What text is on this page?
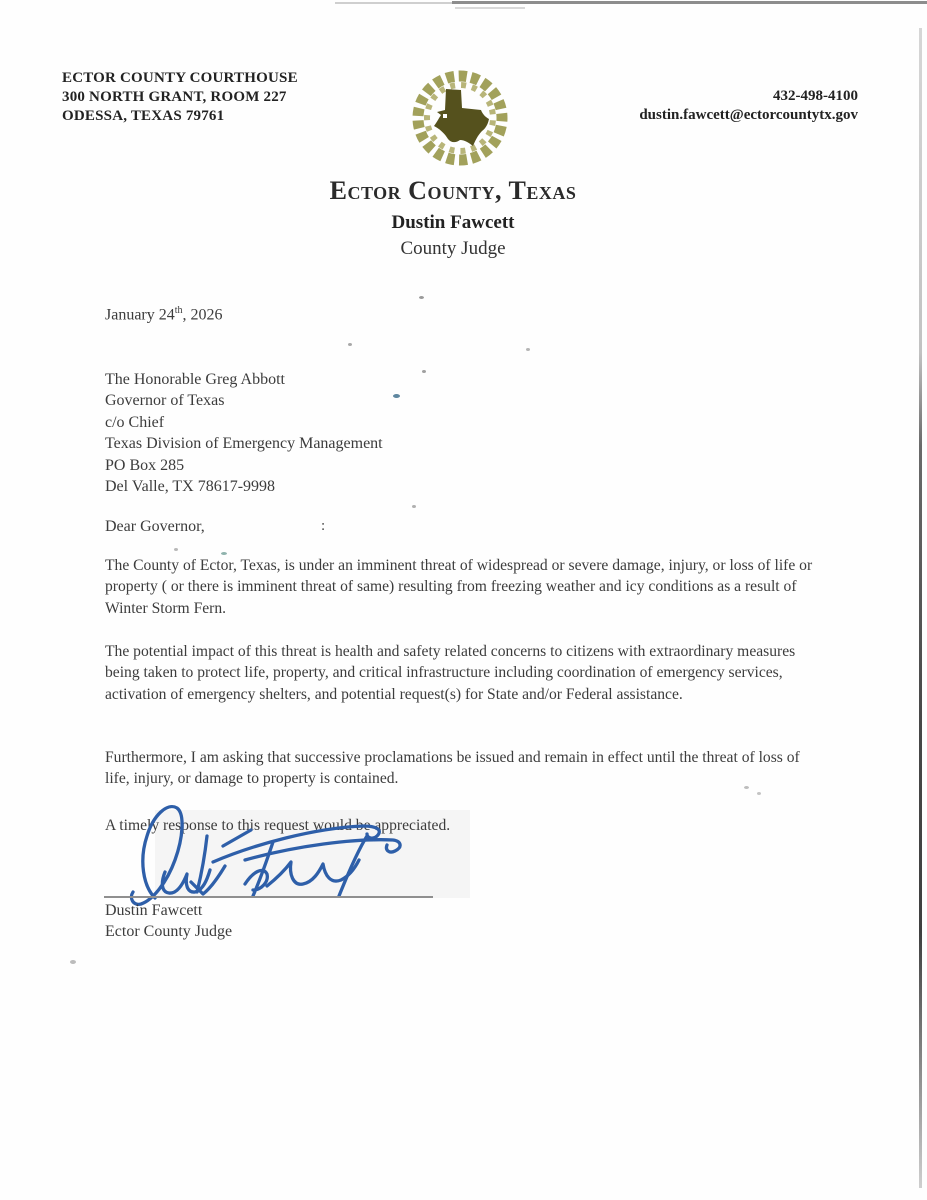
ECTOR COUNTY COURTHOUSE
300 NORTH GRANT, ROOM 227
ODESSA, TEXAS 79761
432-498-4100
dustin.fawcett@ectorcountytx.gov
Ector County, Texas
Dustin Fawcett
County Judge
January 24th, 2026
The Honorable Greg Abbott
Governor of Texas
c/o Chief
Texas Division of Emergency Management
PO Box 285
Del Valle, TX 78617-9998
Dear Governor,	:
The County of Ector, Texas, is under an imminent threat of widespread or severe damage, injury, or loss of life or property ( or there is imminent threat of same) resulting from freezing weather and icy conditions as a result of Winter Storm Fern.
The potential impact of this threat is health and safety related concerns to citizens with extraordinary measures being taken to protect life, property, and critical infrastructure including coordination of emergency services, activation of emergency shelters, and potential request(s) for State and/or Federal assistance.
Furthermore, I am asking that successive proclamations be issued and remain in effect until the threat of loss of life, injury, or damage to property is contained.
A timely response to this request would be appreciated.
Dustin Fawcett
Ector County Judge
